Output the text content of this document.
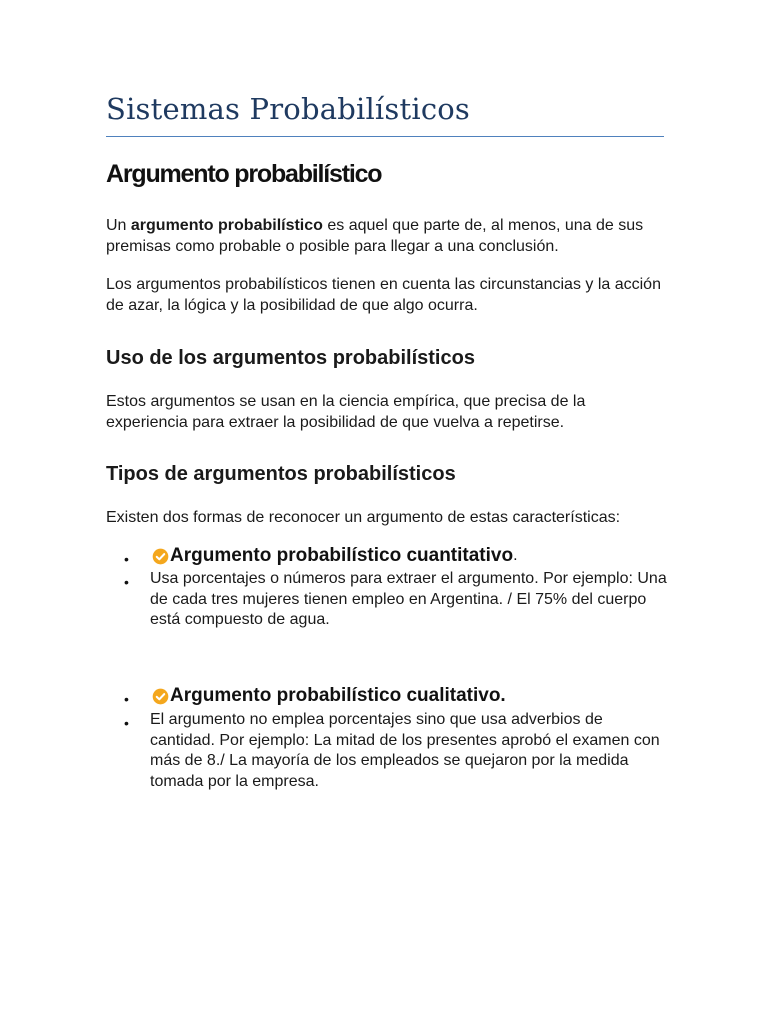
Sistemas Probabilísticos
Argumento probabilístico

Un argumento probabilístico es aquel que parte de, al menos, una de sus premisas como probable o posible para llegar a una conclusión.

Los argumentos probabilísticos tienen en cuenta las circunstancias y la acción de azar, la lógica y la posibilidad de que algo ocurra.

Uso de los argumentos probabilísticos

Estos argumentos se usan en la ciencia empírica, que precisa de la experiencia para extraer la posibilidad de que vuelva a repetirse.

Tipos de argumentos probabilísticos

Existen dos formas de reconocer un argumento de estas características:

• Argumento probabilístico cuantitativo .
• Usa porcentajes o números para extraer el argumento. Por ejemplo: Una de cada tres mujeres tienen empleo en Argentina. / El 75% del cuerpo está compuesto de agua.

• Argumento probabilístico cualitativo.
• El argumento no emplea porcentajes sino que usa adverbios de cantidad. Por ejemplo: La mitad de los presentes aprobó el examen con más de 8./ La mayoría de los empleados se quejaron por la medida tomada por la empresa.
